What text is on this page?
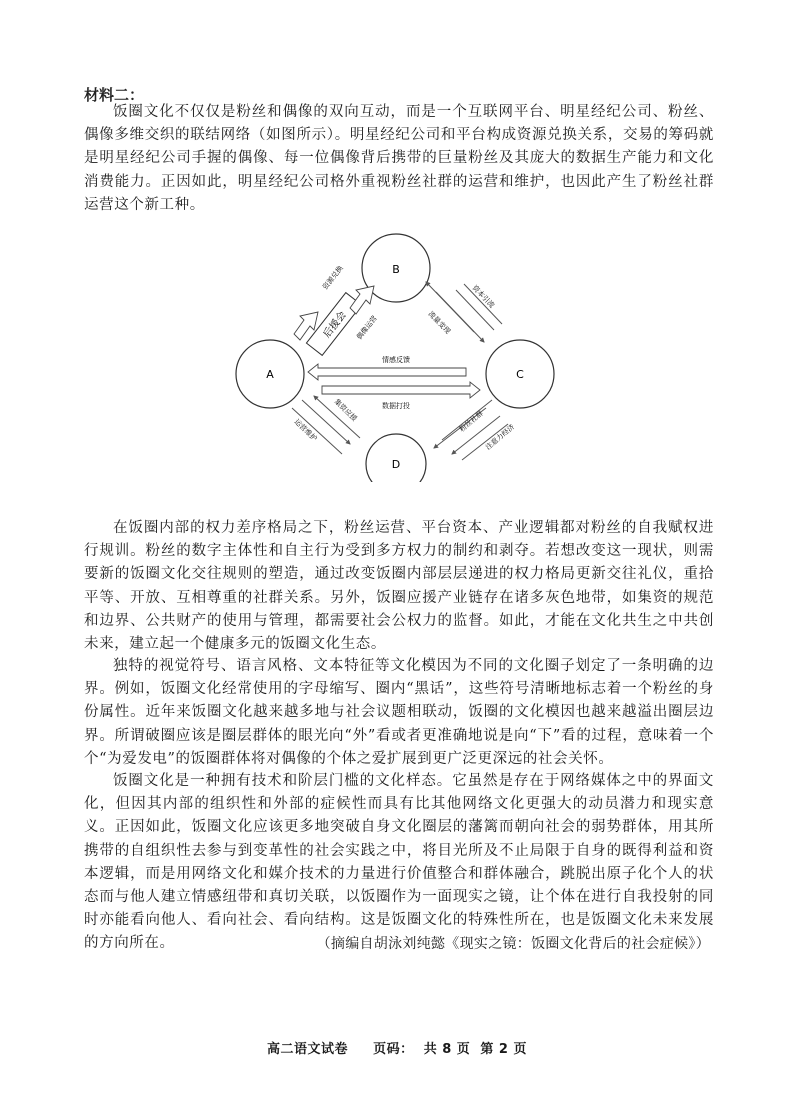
材料二：

饭圈文化不仅仅是粉丝和偶像的双向互动，而是一个互联网平台、明星经纪公司、粉丝、偶像多维交织的联结网络（如图所示）。明星经纪公司和平台构成资源兑换关系，交易的筹码就是明星经纪公司手握的偶像、每一位偶像背后携带的巨量粉丝及其庞大的数据生产能力和文化消费能力。正因如此，明星经纪公司格外重视粉丝社群的运营和维护，也因此产生了粉丝社群运营这个新工种。

B
A	C
D
后援会
资源兑换
偶像运营
资本引流
流量变现
情感反馈
数据打投
粉丝社群
注意力经济
运营维护
集资应援

在饭圈内部的权力差序格局之下，粉丝运营、平台资本、产业逻辑都对粉丝的自我赋权进行规训。粉丝的数字主体性和自主行为受到多方权力的制约和剥夺。若想改变这一现状，则需要新的饭圈文化交往规则的塑造，通过改变饭圈内部层层递进的权力格局更新交往礼仪，重拾平等、开放、互相尊重的社群关系。另外，饭圈应援产业链存在诸多灰色地带，如集资的规范和边界、公共财产的使用与管理，都需要社会公权力的监督。如此，才能在文化共生之中共创未来，建立起一个健康多元的饭圈文化生态。

独特的视觉符号、语言风格、文本特征等文化模因为不同的文化圈子划定了一条明确的边界。例如，饭圈文化经常使用的字母缩写、圈内“黑话”，这些符号清晰地标志着一个粉丝的身份属性。近年来饭圈文化越来越多地与社会议题相联动，饭圈的文化模因也越来越溢出圈层边界。所谓破圈应该是圈层群体的眼光向“外”看或者更准确地说是向“下”看的过程，意味着一个个“为爱发电”的饭圈群体将对偶像的个体之爱扩展到更广泛更深远的社会关怀。

饭圈文化是一种拥有技术和阶层门槛的文化样态。它虽然是存在于网络媒体之中的界面文化，但因其内部的组织性和外部的症候性而具有比其他网络文化更强大的动员潜力和现实意义。正因如此，饭圈文化应该更多地突破自身文化圈层的藩篱而朝向社会的弱势群体，用其所携带的自组织性去参与到变革性的社会实践之中，将目光所及不止局限于自身的既得利益和资本逻辑，而是用网络文化和媒介技术的力量进行价值整合和群体融合，跳脱出原子化个人的状态而与他人建立情感纽带和真切关联，以饭圈作为一面现实之镜，让个体在进行自我投射的同时亦能看向他人、看向社会、看向结构。这是饭圈文化的特殊性所在，也是饭圈文化未来发展的方向所在。	（摘编自胡泳刘纯懿《现实之镜：饭圈文化背后的社会症候》）
高二语文试卷     页码：  共 8 页  第 2 页
